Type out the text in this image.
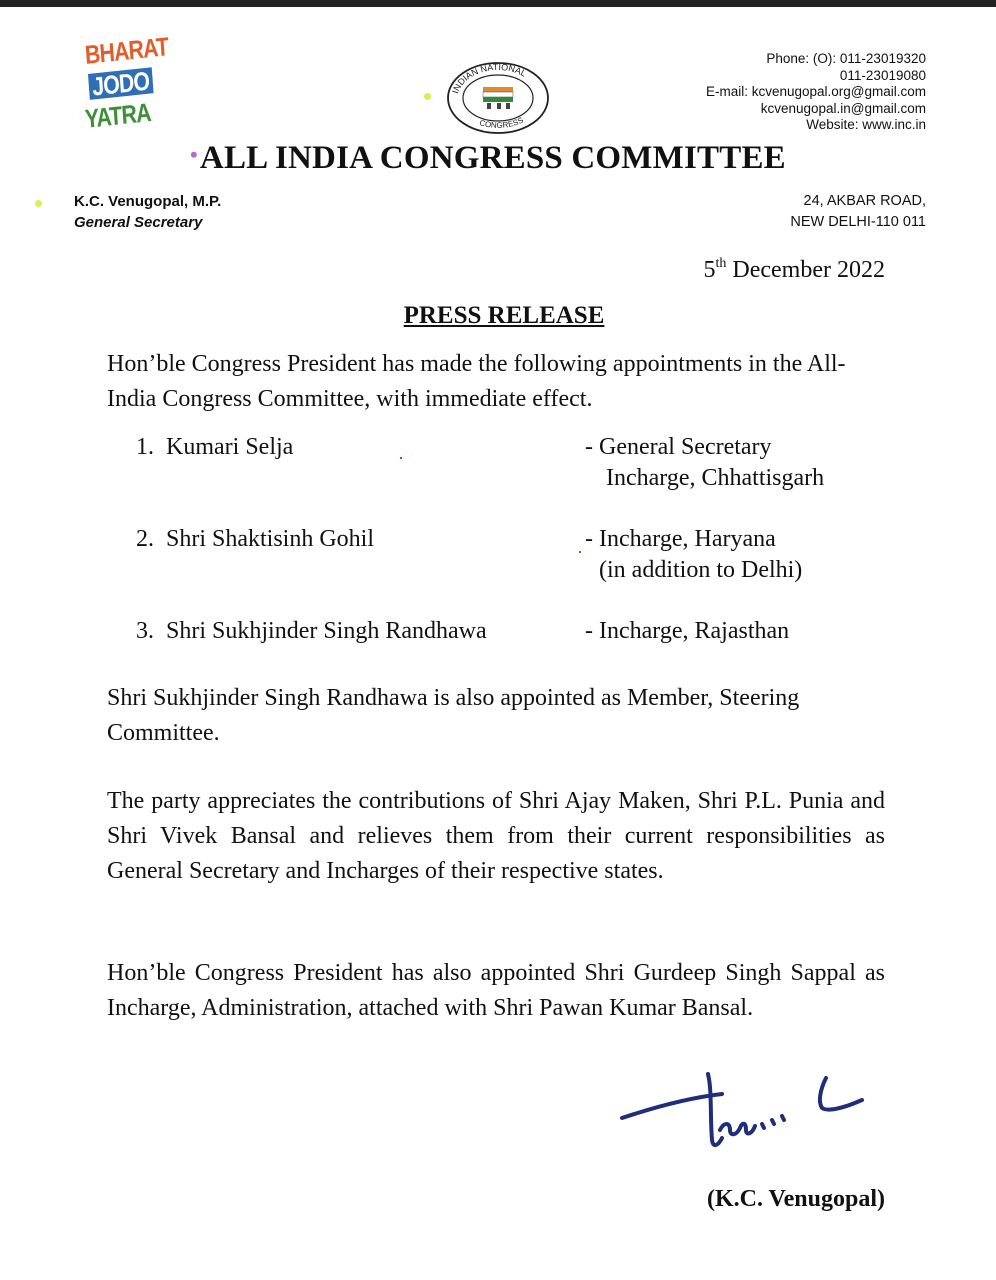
BHARAT
JODO
YATRA
INDIAN NATIONAL
CONGRESS
Phone: (O): 011-23019320
011-23019080
E-mail: kcvenugopal.org@gmail.com
kcvenugopal.in@gmail.com
Website: www.inc.in
•ALL INDIA CONGRESS COMMITTEE
K.C. Venugopal, M.P.
General Secretary
24, AKBAR ROAD,
NEW DELHI-110 011
5th December 2022
PRESS RELEASE
Hon’ble Congress President has made the following appointments in the All-India Congress Committee, with immediate effect.
1. Kumari Selja	- General Secretary
Incharge, Chhattisgarh
2. Shri Shaktisinh Gohil	- Incharge, Haryana
(in addition to Delhi)
3. Shri Sukhjinder Singh Randhawa	- Incharge, Rajasthan
Shri Sukhjinder Singh Randhawa is also appointed as Member, Steering Committee.
The party appreciates the contributions of Shri Ajay Maken, Shri P.L. Punia and Shri Vivek Bansal and relieves them from their current responsibilities as General Secretary and Incharges of their respective states.
Hon’ble Congress President has also appointed Shri Gurdeep Singh Sappal as Incharge, Administration, attached with Shri Pawan Kumar Bansal.
(K.C. Venugopal)
